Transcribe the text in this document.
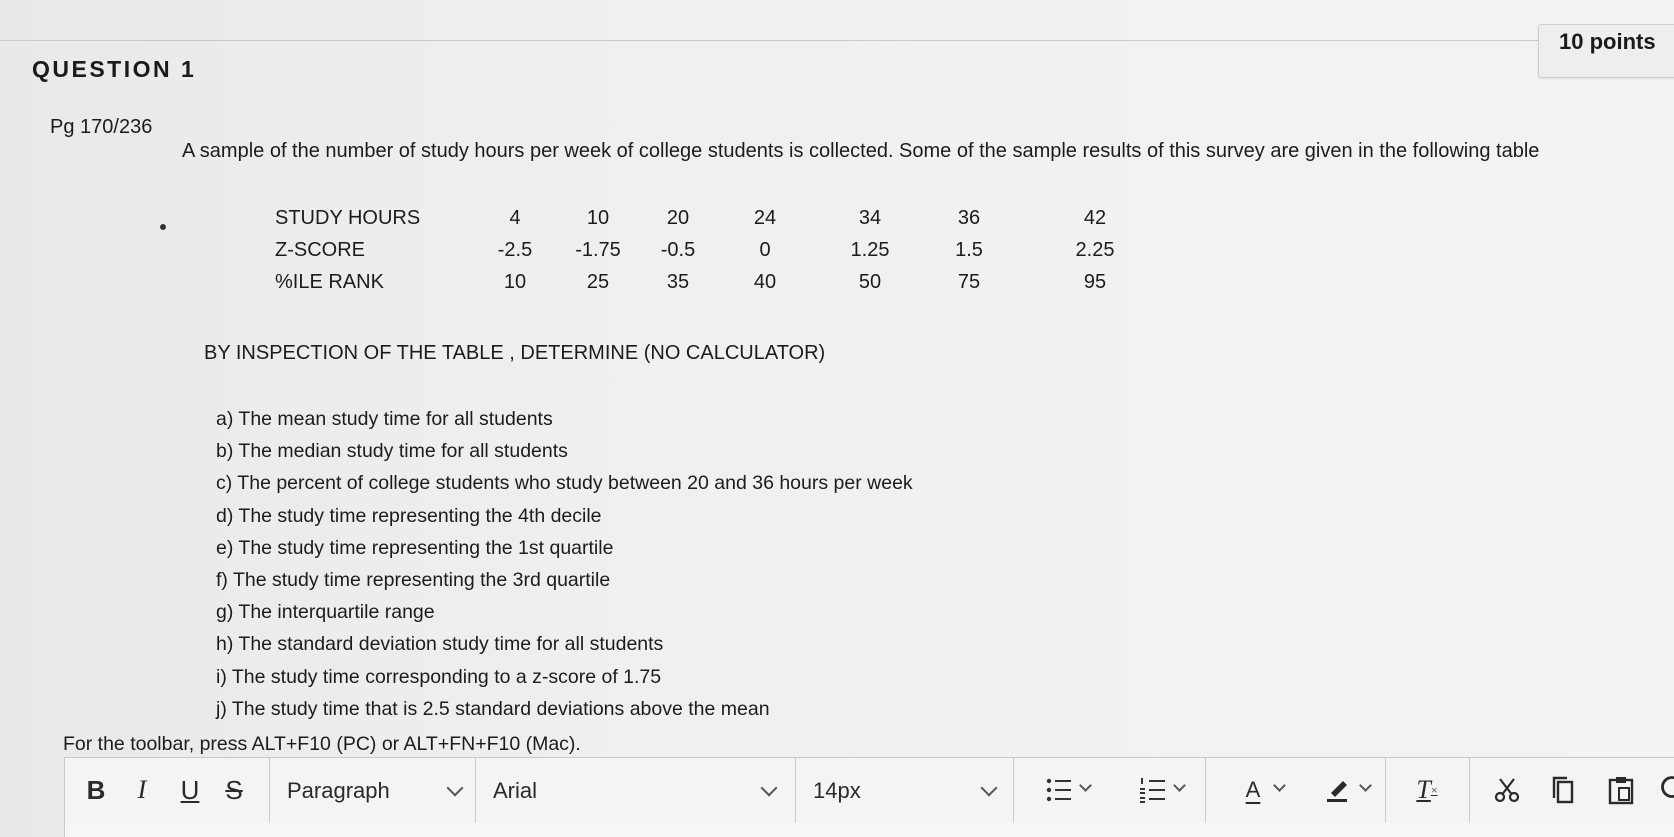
QUESTION 1
10 points
Pg 170/236
A sample of the number of study hours per week of college students is collected. Some of the sample results of this survey are given in the following table
STUDY HOURS	4	10	20	24	34	36	42
Z-SCORE	-2.5	-1.75	-0.5	0	1.25	1.5	2.25
%ILE RANK	10	25	35	40	50	75	95
BY INSPECTION OF THE TABLE , DETERMINE (NO CALCULATOR)
a) The mean study time for all students
b) The median study time for all students
c) The percent of college students who study between 20 and 36 hours per week
d) The study time representing the 4th decile
e) The study time representing the 1st quartile
f) The study time representing the 3rd quartile
g) The interquartile range
h) The standard deviation study time for all students
i) The study time corresponding to a z-score of 1.75
j) The study time that is 2.5 standard deviations above the mean
For the toolbar, press ALT+F10 (PC) or ALT+FN+F10 (Mac).
B	I	U S	Paragraph	Arial	14px	A	T ×
